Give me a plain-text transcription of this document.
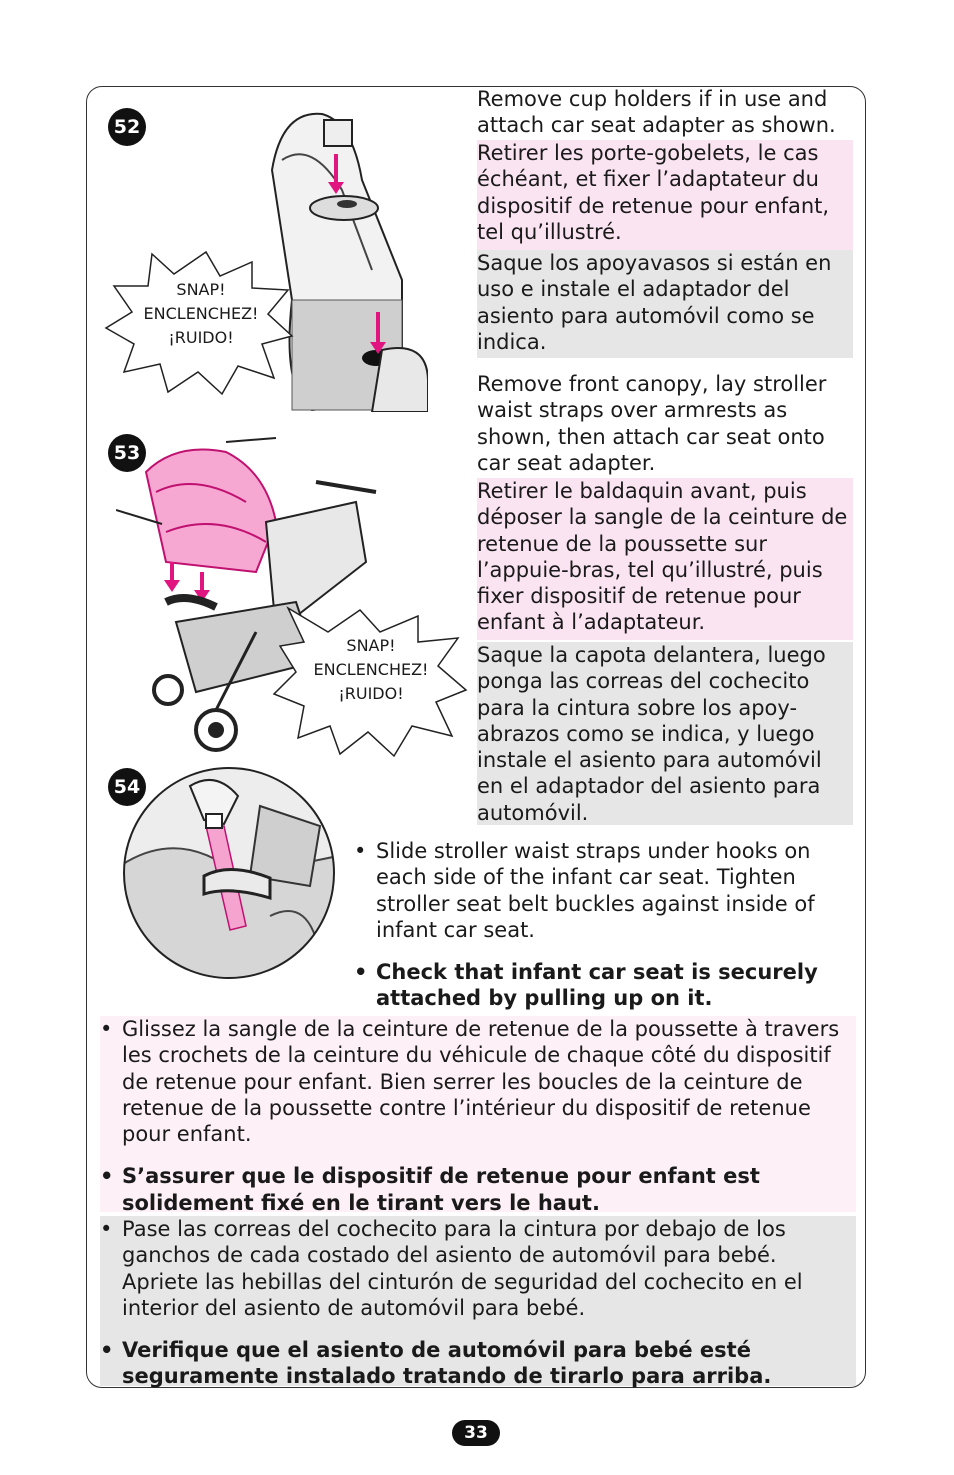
52
Remove cup holders if in use and attach car seat adapter as shown.
Retirer les porte-gobelets, le cas échéant, et fixer l’adaptateur du dispositif de retenue pour enfant, tel qu’illustré.
Saque los apoyavasos si están en uso e instale el adaptador del asiento para automóvil como se indica.
SNAP!
ENCLENCHEZ!
¡RUIDO!
53
Remove front canopy, lay stroller waist straps over armrests as shown, then attach car seat onto car seat adapter.
Retirer le baldaquin avant, puis déposer la sangle de la ceinture de retenue de la poussette sur l’appuie-bras, tel qu’illustré, puis fixer dispositif de retenue pour enfant à l’adaptateur.
Saque la capota delantera, luego ponga las correas del cochecito para la cintura sobre los apoy-abrazos como se indica, y luego instale el asiento para automóvil en el adaptador del asiento para automóvil.
SNAP!
ENCLENCHEZ!
¡RUIDO!
54

• Slide stroller waist straps under hooks on each side of the infant car seat. Tighten stroller seat belt buckles against inside of infant car seat.

• Check that infant car seat is securely attached by pulling up on it.

• Glissez la sangle de la ceinture de retenue de la poussette à travers les crochets de la ceinture du véhicule de chaque côté du dispositif de retenue pour enfant. Bien serrer les boucles de la ceinture de retenue de la poussette contre l’intérieur du dispositif de retenue pour enfant.

• S’assurer que le dispositif de retenue pour enfant est solidement fixé en le tirant vers le haut.

• Pase las correas del cochecito para la cintura por debajo de los ganchos de cada costado del asiento de automóvil para bebé. Apriete las hebillas del cinturón de seguridad del cochecito en el interior del asiento de automóvil para bebé.

• Verifique que el asiento de automóvil para bebé esté seguramente instalado tratando de tirarlo para arriba.

33
